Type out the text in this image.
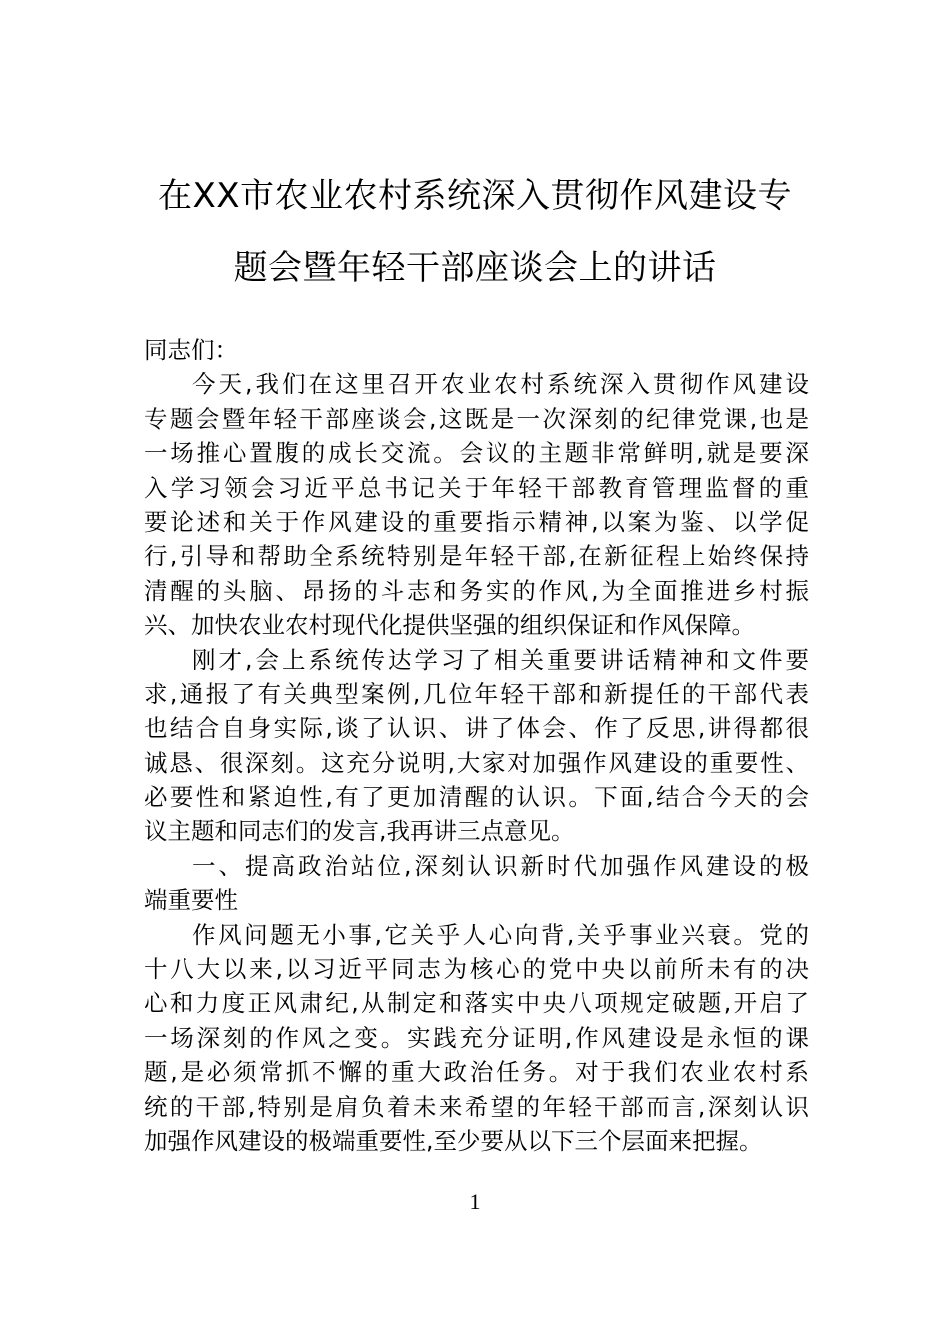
在XX市农业农村系统深入贯彻作风建设专
题会暨年轻干部座谈会上的讲话
同志们：
今天,我们在这里召开农业农村系统深入贯彻作风建设
专题会暨年轻干部座谈会,这既是一次深刻的纪律党课,也是
一场推心置腹的成长交流。会议的主题非常鲜明,就是要深
入学习领会习近平总书记关于年轻干部教育管理监督的重
要论述和关于作风建设的重要指示精神,以案为鉴、以学促
行,引导和帮助全系统特别是年轻干部,在新征程上始终保持
清醒的头脑、昂扬的斗志和务实的作风,为全面推进乡村振
兴、加快农业农村现代化提供坚强的组织保证和作风保障。
刚才,会上系统传达学习了相关重要讲话精神和文件要
求,通报了有关典型案例,几位年轻干部和新提任的干部代表
也结合自身实际,谈了认识、讲了体会、作了反思,讲得都很
诚恳、很深刻。这充分说明,大家对加强作风建设的重要性、
必要性和紧迫性,有了更加清醒的认识。下面,结合今天的会
议主题和同志们的发言,我再讲三点意见。
一、提高政治站位,深刻认识新时代加强作风建设的极
端重要性
作风问题无小事,它关乎人心向背,关乎事业兴衰。党的
十八大以来,以习近平同志为核心的党中央以前所未有的决
心和力度正风肃纪,从制定和落实中央八项规定破题,开启了
一场深刻的作风之变。实践充分证明,作风建设是永恒的课
题,是必须常抓不懈的重大政治任务。对于我们农业农村系
统的干部,特别是肩负着未来希望的年轻干部而言,深刻认识
加强作风建设的极端重要性,至少要从以下三个层面来把握。
1
